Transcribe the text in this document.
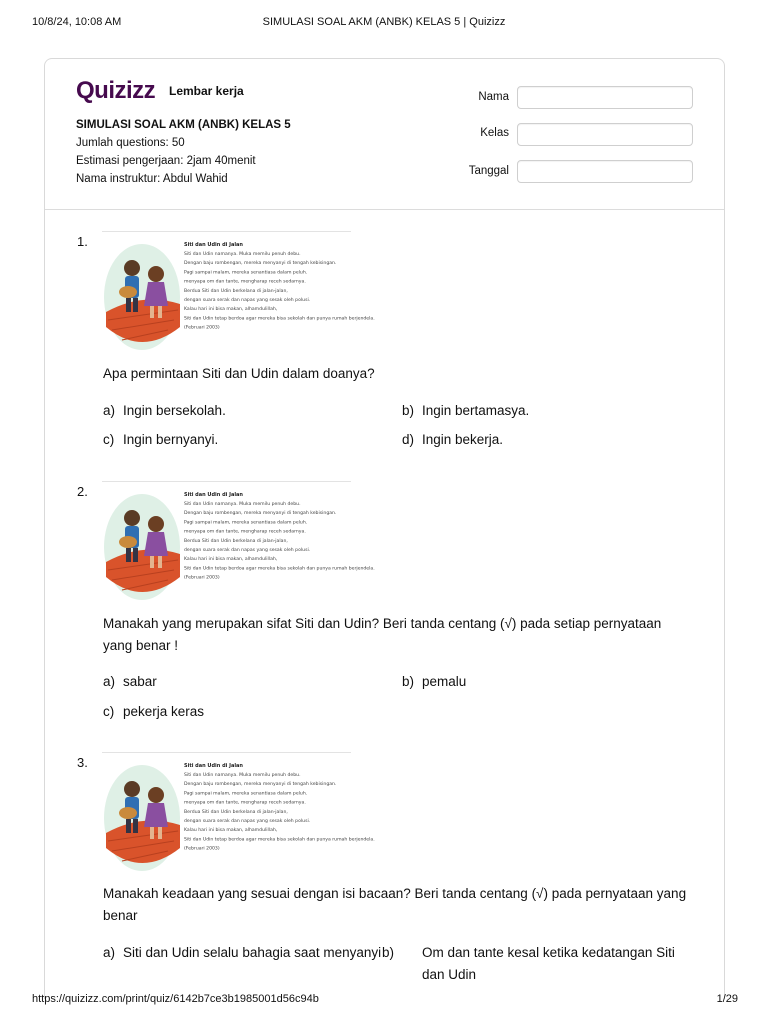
10/8/24, 10:08 AM	SIMULASI SOAL AKM (ANBK) KELAS 5 | Quizizz
Quizizz Lembar kerja
SIMULASI SOAL AKM (ANBK) KELAS 5
Jumlah questions: 50
Estimasi pengerjaan: 2jam 40menit
Nama instruktur: Abdul Wahid
Nama
Kelas
Tanggal
1.	Siti dan Udin di Jalan
Siti dan Udin namanya. Muka memilu penuh debu.
Dengan baju rombengan, mereka menyanyi di tengah kebisingan.
Pagi sampai malam, mereka senantiasa dalam peluh.
menyapa om dan tante, mengharap receh sedarnya.
Berdua Siti dan Udin berkelana di jalan-jalan,
dengan suara serak dan napas yang sesak oleh polusi.
Kalau hari ini bisa makan, alhamdulillah,
Siti dan Udin tetap berdoa agar mereka bisa sekolah dan punya rumah berjendela.
(Februari 2003)
Apa permintaan Siti dan Udin dalam doanya?
a) Ingin bersekolah.	b) Ingin bertamasya.
c) Ingin bernyanyi.	d) Ingin bekerja.
2.	Siti dan Udin di Jalan
Siti dan Udin namanya. Muka memilu penuh debu.
Dengan baju rombengan, mereka menyanyi di tengah kebisingan.
Pagi sampai malam, mereka senantiasa dalam peluh.
menyapa om dan tante, mengharap receh sedarnya.
Berdua Siti dan Udin berkelana di jalan-jalan,
dengan suara serak dan napas yang sesak oleh polusi.
Kalau hari ini bisa makan, alhamdulillah,
Siti dan Udin tetap berdoa agar mereka bisa sekolah dan punya rumah berjendela.
(Februari 2003)
Manakah yang merupakan sifat Siti dan Udin? Beri tanda centang (√) pada setiap pernyataan yang benar !
a) sabar	b) pemalu
c) pekerja keras
3.	Siti dan Udin di Jalan
Siti dan Udin namanya. Muka memilu penuh debu.
Dengan baju rombengan, mereka menyanyi di tengah kebisingan.
Pagi sampai malam, mereka senantiasa dalam peluh.
menyapa om dan tante, mengharap receh sedarnya.
Berdua Siti dan Udin berkelana di jalan-jalan,
dengan suara serak dan napas yang sesak oleh polusi.
Kalau hari ini bisa makan, alhamdulillah,
Siti dan Udin tetap berdoa agar mereka bisa sekolah dan punya rumah berjendela.
(Februari 2003)
Manakah keadaan yang sesuai dengan isi bacaan? Beri tanda centang (√) pada pernyataan yang benar
a) Siti dan Udin selalu bahagia saat menyanyi b) Om dan tante kesal ketika kedatangan Siti dan Udin
https://quizizz.com/print/quiz/6142b7ce3b1985001d56c94b	1/29
